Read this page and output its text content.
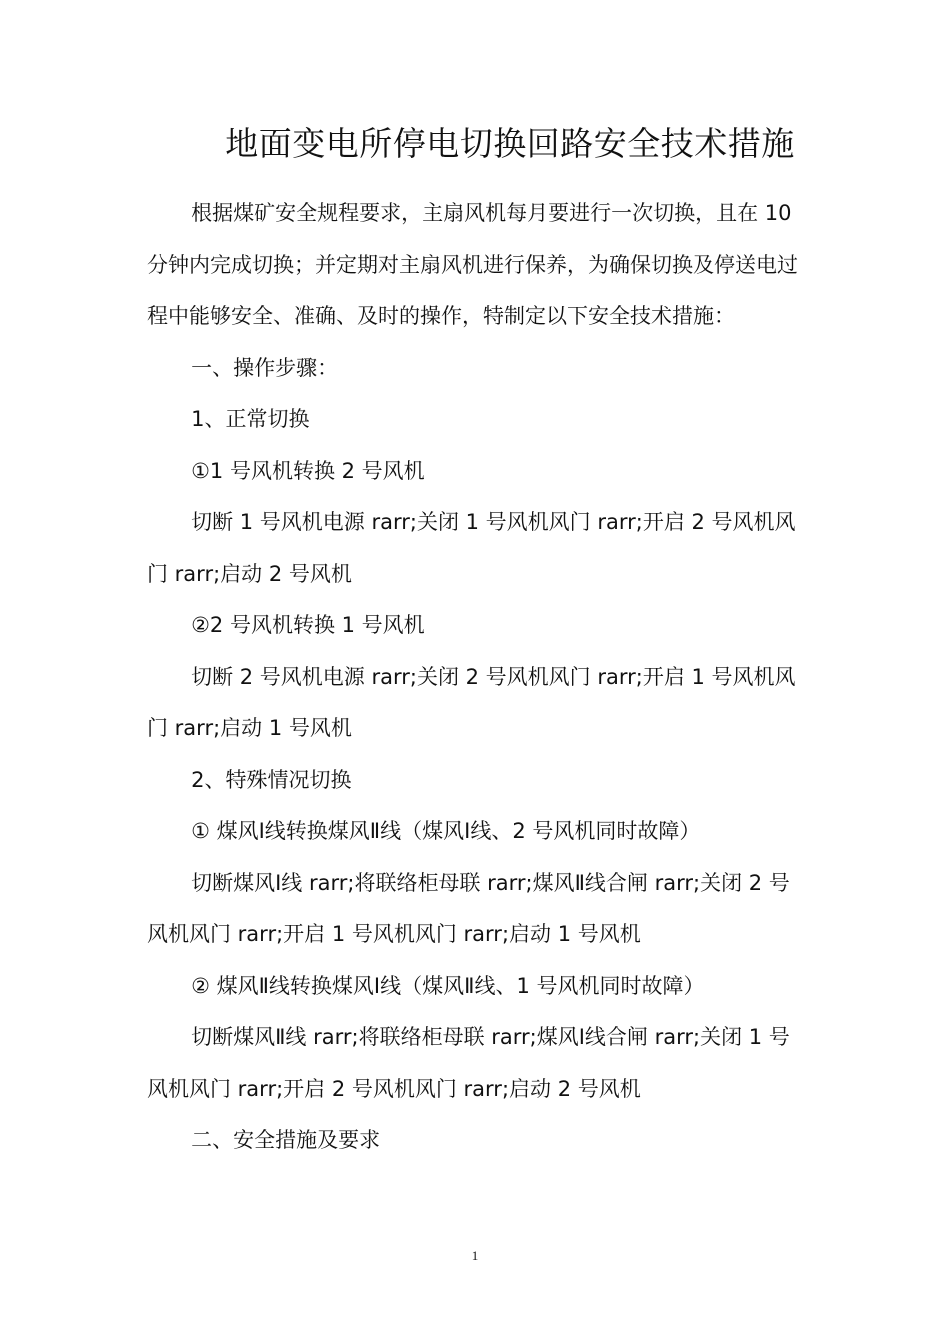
地面变电所停电切换回路安全技术措施

根据煤矿安全规程要求，主扇风机每月要进行一次切换，且在 10 分钟内完成切换；并定期对主扇风机进行保养，为确保切换及停送电过程中能够安全、准确、及时的操作，特制定以下安全技术措施：

一、操作步骤：

1、正常切换

①1 号风机转换 2 号风机

切断 1 号风机电源 rarr;关闭 1 号风机风门 rarr;开启 2 号风机风门 rarr;启动 2 号风机

②2 号风机转换 1 号风机

切断 2 号风机电源 rarr;关闭 2 号风机风门 rarr;开启 1 号风机风门 rarr;启动 1 号风机

2、特殊情况切换

① 煤风Ⅰ线转换煤风Ⅱ线（煤风Ⅰ线、2 号风机同时故障）

切断煤风Ⅰ线 rarr;将联络柜母联 rarr;煤风Ⅱ线合闸 rarr;关闭 2 号风机风门 rarr;开启 1 号风机风门 rarr;启动 1 号风机

② 煤风Ⅱ线转换煤风Ⅰ线（煤风Ⅱ线、1 号风机同时故障）

切断煤风Ⅱ线 rarr;将联络柜母联 rarr;煤风Ⅰ线合闸 rarr;关闭 1 号风机风门 rarr;开启 2 号风机风门 rarr;启动 2 号风机

二、安全措施及要求

1
